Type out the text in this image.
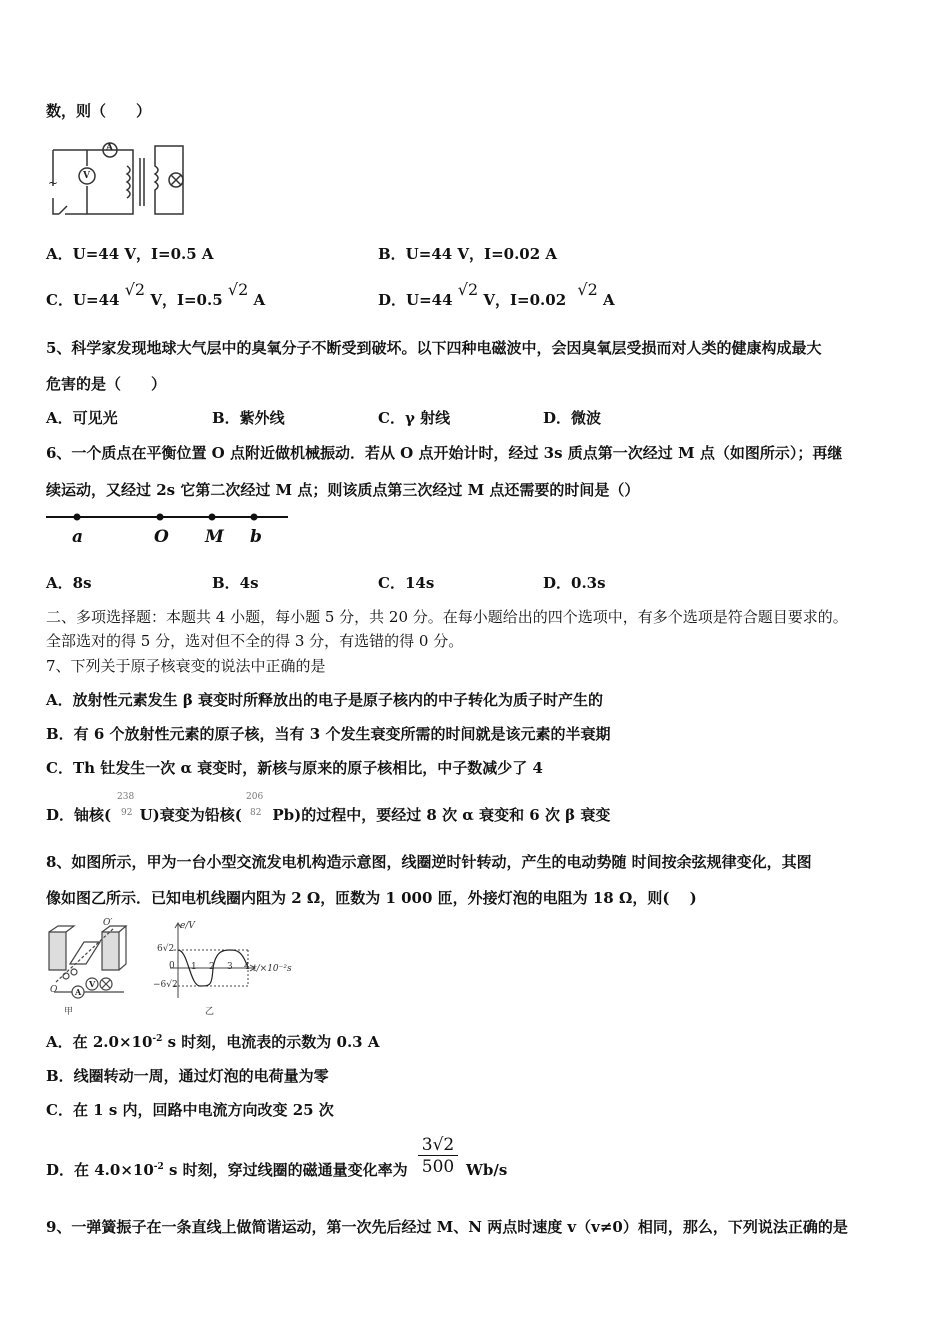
数，则（　　）
A
V
~
A．U=44 V，I=0.5 A	B．U=44 V，I=0.02 A
C．U=44 √2 V，I=0.5 √2 A	D．U=44 √2 V，I=0.02 √2 A
5、科学家发现地球大气层中的臭氧分子不断受到破坏。以下四种电磁波中，会因臭氧层受损而对人类的健康构成最大
危害的是（　　）
A．可见光	B．紫外线	C．γ 射线	D．微波
6、一个质点在平衡位置 O 点附近做机械振动．若从 O 点开始计时，经过 3s 质点第一次经过 M 点（如图所示）；再继
续运动，又经过 2s 它第二次经过 M 点；则该质点第三次经过 M 点还需要的时间是（）
a	O M b
A．8s	B．4s	C．14s	D．0.3s
二、多项选择题：本题共 4 小题，每小题 5 分，共 20 分。在每小题给出的四个选项中，有多个选项是符合题目要求的。
全部选对的得 5 分，选对但不全的得 3 分，有选错的得 0 分。
7、下列关于原子核衰变的说法中正确的是
A．放射性元素发生 β 衰变时所释放出的电子是原子核内的中子转化为质子时产生的
B．有 6 个放射性元素的原子核，当有 3 个发生衰变所需的时间就是该元素的半衰期
C．Th 钍发生一次 α 衰变时，新核与原来的原子核相比，中子数减少了 4
D．铀核( U)衰变为铅核( Pb)的过程中，要经过 8 次 α 衰变和 6 次 β 衰变
238
92
206
82
8、如图所示，甲为一台小型交流发电机构造示意图，线圈逆时针转动，产生的电动势随 时间按余弦规律变化，其图
像如图乙所示．已知电机线圈内阻为 2 Ω，匝数为 1 000 匝，外接灯泡的电阻为 18 Ω，则(　 )
O′
O A
V
甲
e/V
6√2
0
−6√2
1 2 3 4 t/×10⁻²s
乙
A．在 $2.0\times 10^{-2}$ s 时刻，电流表的示数为 0.3 A
B．线圈转动一周，通过灯泡的电荷量为零
C．在 1 s 内，回路中电流方向改变 25 次
D．在 $4.0\times 10^{-2}$ s 时刻，穿过线圈的磁通量变化率为 $\frac{3√2}{500} Wb/s$
9、一弹簧振子在一条直线上做简谐运动，第一次先后经过 M、N 两点时速度 v（v≠0）相同，那么，下列说法正确的是
